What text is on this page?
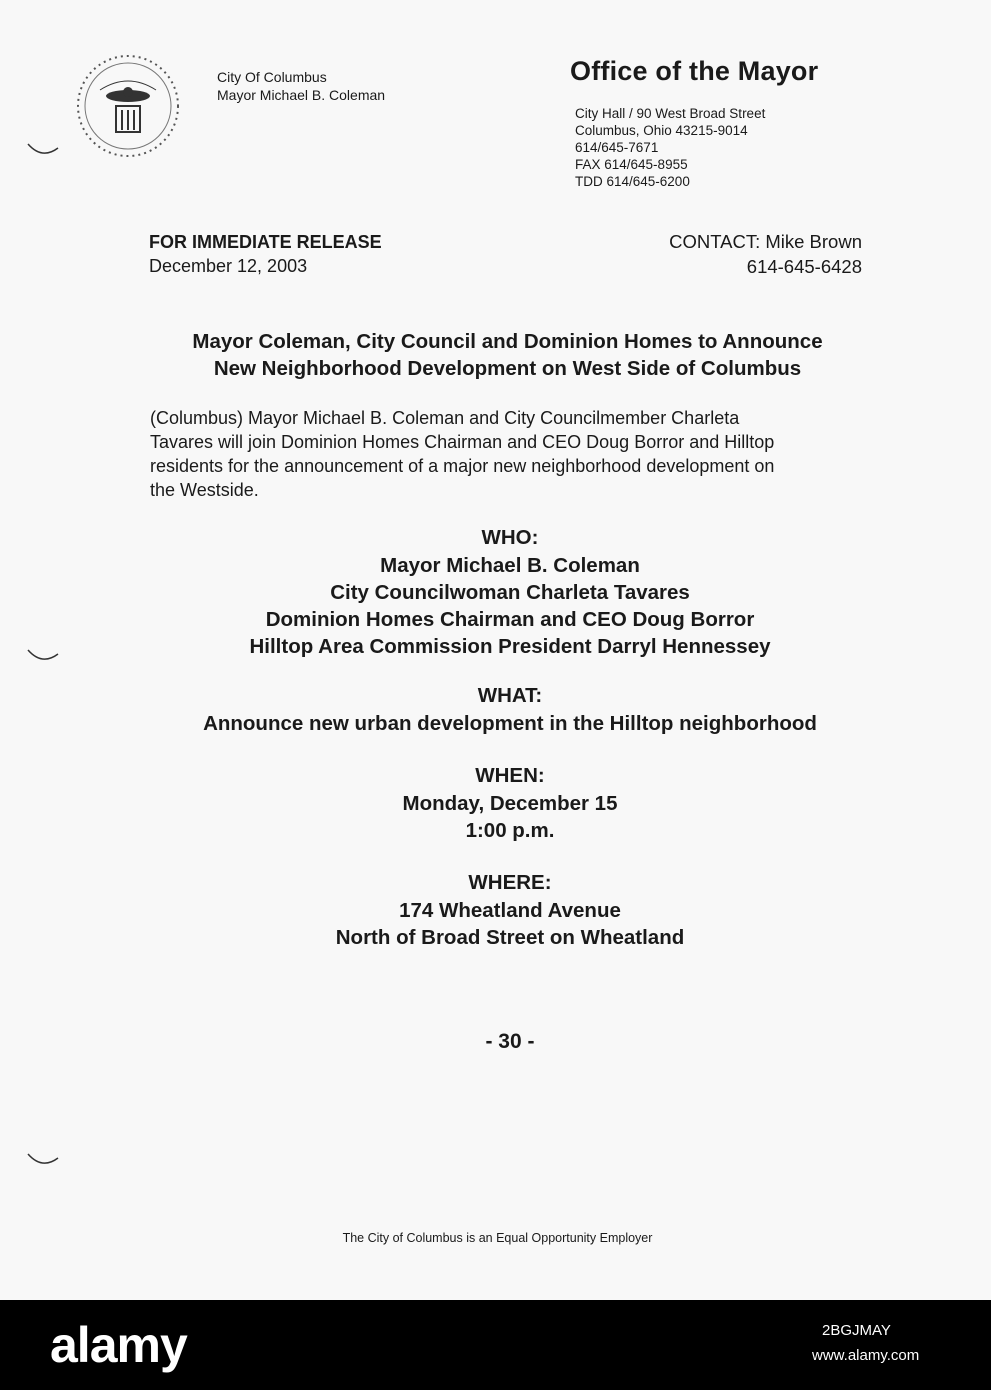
City Of Columbus
Mayor Michael B. Coleman
Office of the Mayor
City Hall / 90 West Broad Street
Columbus, Ohio 43215-9014
614/645-7671
FAX 614/645-8955
TDD 614/645-6200
FOR IMMEDIATE RELEASE
December 12, 2003
CONTACT: Mike Brown
614-645-6428
Mayor Coleman, City Council and Dominion Homes to Announce
New Neighborhood Development on West Side of Columbus
(Columbus) Mayor Michael B. Coleman and City Councilmember Charleta
Tavares will join Dominion Homes Chairman and CEO Doug Borror and Hilltop
residents for the announcement of a major new neighborhood development on
the Westside.
WHO:
Mayor Michael B. Coleman
City Councilwoman Charleta Tavares
Dominion Homes Chairman and CEO Doug Borror
Hilltop Area Commission President Darryl Hennessey
WHAT:
Announce new urban development in the Hilltop neighborhood
WHEN:
Monday, December 15
1:00 p.m.
WHERE:
174 Wheatland Avenue
North of Broad Street on Wheatland
- 30 -
The City of Columbus is an Equal Opportunity Employer
alamy	2BGJMAY
www.alamy.com
